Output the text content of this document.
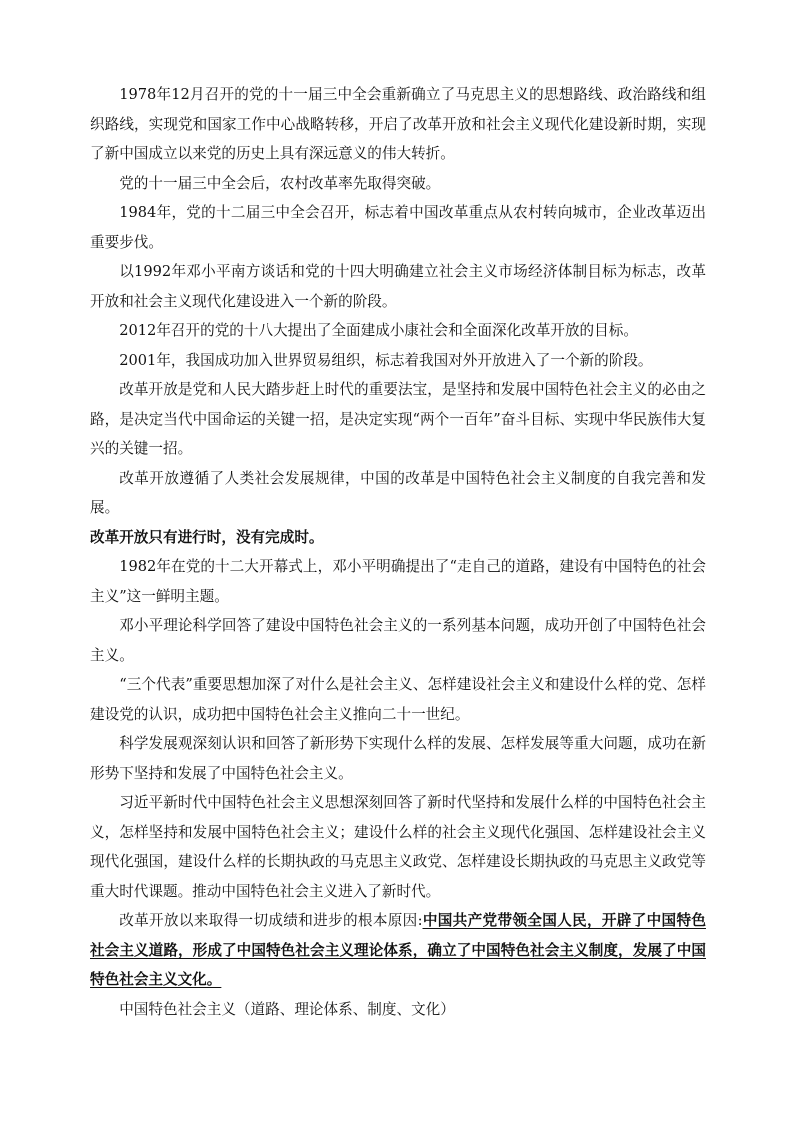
1978年12月召开的党的十一届三中全会重新确立了马克思主义的思想路线、政治路线和组织路线，实现党和国家工作中心战略转移，开启了改革开放和社会主义现代化建设新时期，实现了新中国成立以来党的历史上具有深远意义的伟大转折。

党的十一届三中全会后，农村改革率先取得突破。

1984年，党的十二届三中全会召开，标志着中国改革重点从农村转向城市，企业改革迈出重要步伐。

以1992年邓小平南方谈话和党的十四大明确建立社会主义市场经济体制目标为标志，改革开放和社会主义现代化建设进入一个新的阶段。

2012年召开的党的十八大提出了全面建成小康社会和全面深化改革开放的目标。

2001年，我国成功加入世界贸易组织，标志着我国对外开放进入了一个新的阶段。

改革开放是党和人民大踏步赶上时代的重要法宝，是坚持和发展中国特色社会主义的必由之路，是决定当代中国命运的关键一招，是决定实现“两个一百年”奋斗目标、实现中华民族伟大复兴的关键一招。

改革开放遵循了人类社会发展规律，中国的改革是中国特色社会主义制度的自我完善和发展。

改革开放只有进行时，没有完成时。

1982年在党的十二大开幕式上，邓小平明确提出了“走自己的道路，建设有中国特色的社会主义”这一鲜明主题。

邓小平理论科学回答了建设中国特色社会主义的一系列基本问题，成功开创了中国特色社会主义。

“三个代表”重要思想加深了对什么是社会主义、怎样建设社会主义和建设什么样的党、怎样建设党的认识，成功把中国特色社会主义推向二十一世纪。

科学发展观深刻认识和回答了新形势下实现什么样的发展、怎样发展等重大问题，成功在新形势下坚持和发展了中国特色社会主义。

习近平新时代中国特色社会主义思想深刻回答了新时代坚持和发展什么样的中国特色社会主义，怎样坚持和发展中国特色社会主义；建设什么样的社会主义现代化强国、怎样建设社会主义现代化强国，建设什么样的长期执政的马克思主义政党、怎样建设长期执政的马克思主义政党等重大时代课题。推动中国特色社会主义进入了新时代。

改革开放以来取得一切成绩和进步的根本原因:中国共产党带领全国人民，开辟了中国特色社会主义道路，形成了中国特色社会主义理论体系，确立了中国特色社会主义制度，发展了中国特色社会主义文化。

中国特色社会主义（道路、理论体系、制度、文化）
